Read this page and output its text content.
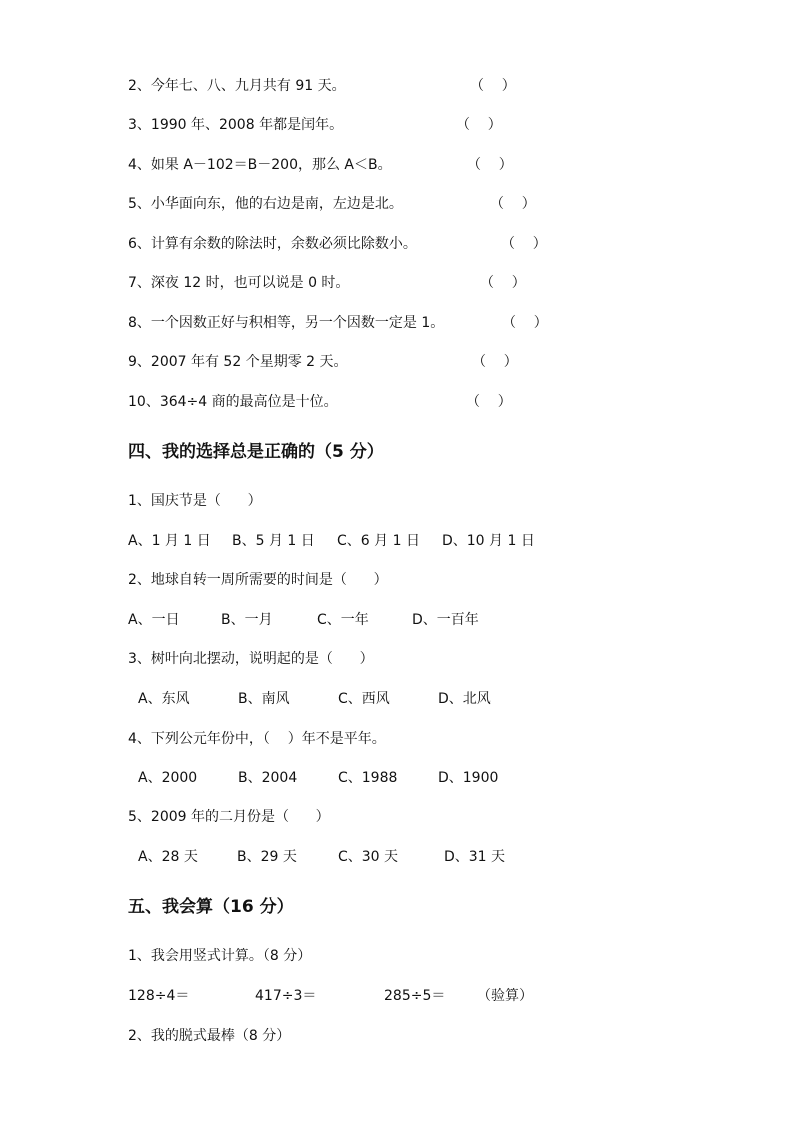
2、今年七、八、九月共有 91 天。	（    ）
3、1990 年、2008 年都是闰年。	（    ）
4、如果 A－102＝B－200，那么 A＜B。	（    ）
5、小华面向东，他的右边是南，左边是北。	（    ）
6、计算有余数的除法时，余数必须比除数小。	（    ）
7、深夜 12 时，也可以说是 0 时。	（    ）
8、一个因数正好与积相等，另一个因数一定是 1。	（    ）
9、2007 年有 52 个星期零 2 天。	（    ）
10、364÷4 商的最高位是十位。	（    ）
四、我的选择总是正确的（5 分）
1、国庆节是（      ）
A、1 月 1 日 B、5 月 1 日 C、6 月 1 日 D、10 月 1 日
2、地球自转一周所需要的时间是（      ）
A、一日	B、一月	C、一年	D、一百年
3、树叶向北摆动，说明起的是（      ）
A、东风	B、南风	C、西风	D、北风
4、下列公元年份中，（    ）年不是平年。
A、2000	B、2004	C、1988	D、1900
5、2009 年的二月份是（      ）
A、28 天	B、29 天	C、30 天	D、31 天
五、我会算（16 分）
1、我会用竖式计算。（8 分）
128÷4＝	417÷3＝	285÷5＝ （验算）
2、我的脱式最棒（8 分）
